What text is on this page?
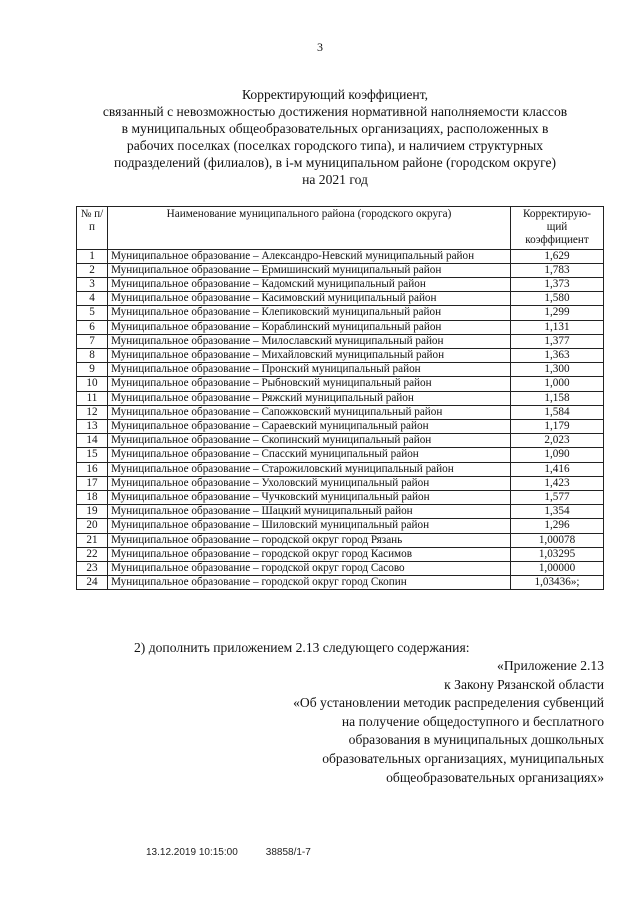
3
Корректирующий коэффициент,
связанный с невозможностью достижения нормативной наполняемости классов
в муниципальных общеобразовательных организациях, расположенных в
рабочих поселках (поселках городского типа), и наличием структурных
подразделений (филиалов), в i-м муниципальном районе (городском округе)
на 2021 год
№ п/п	Наименование муниципального района (городского округа)	Корректирую-щий коэффициент
1	Муниципальное образование – Александро-Невский муниципальный район	1,629
2	Муниципальное образование – Ермишинский муниципальный район	1,783
3	Муниципальное образование – Кадомский муниципальный район	1,373
4	Муниципальное образование – Касимовский муниципальный район	1,580
5	Муниципальное образование – Клепиковский муниципальный район	1,299
6	Муниципальное образование – Кораблинский муниципальный район	1,131
7	Муниципальное образование – Милославский муниципальный район	1,377
8	Муниципальное образование – Михайловский муниципальный район	1,363
9	Муниципальное образование – Пронский муниципальный район	1,300
10	Муниципальное образование – Рыбновский муниципальный район	1,000
11	Муниципальное образование – Ряжский муниципальный район	1,158
12	Муниципальное образование – Сапожковский муниципальный район	1,584
13	Муниципальное образование – Сараевский муниципальный район	1,179
14	Муниципальное образование – Скопинский муниципальный район	2,023
15	Муниципальное образование – Спасский муниципальный район	1,090
16	Муниципальное образование – Старожиловский муниципальный район	1,416
17	Муниципальное образование – Ухоловский муниципальный район	1,423
18	Муниципальное образование – Чучковский муниципальный район	1,577
19	Муниципальное образование – Шацкий муниципальный район	1,354
20	Муниципальное образование – Шиловский муниципальный район	1,296
21	Муниципальное образование – городской округ город Рязань	1,00078
22	Муниципальное образование – городской округ город Касимов	1,03295
23	Муниципальное образование – городской округ город Сасово	1,00000
24	Муниципальное образование – городской округ город Скопин	1,03436»;
2) дополнить приложением 2.13 следующего содержания:
«Приложение 2.13
к Закону Рязанской области
«Об установлении методик распределения субвенций
на получение общедоступного и бесплатного
образования в муниципальных дошкольных
образовательных организациях, муниципальных
общеобразовательных организациях»
13.12.2019 10:15:00	38858/1-7
